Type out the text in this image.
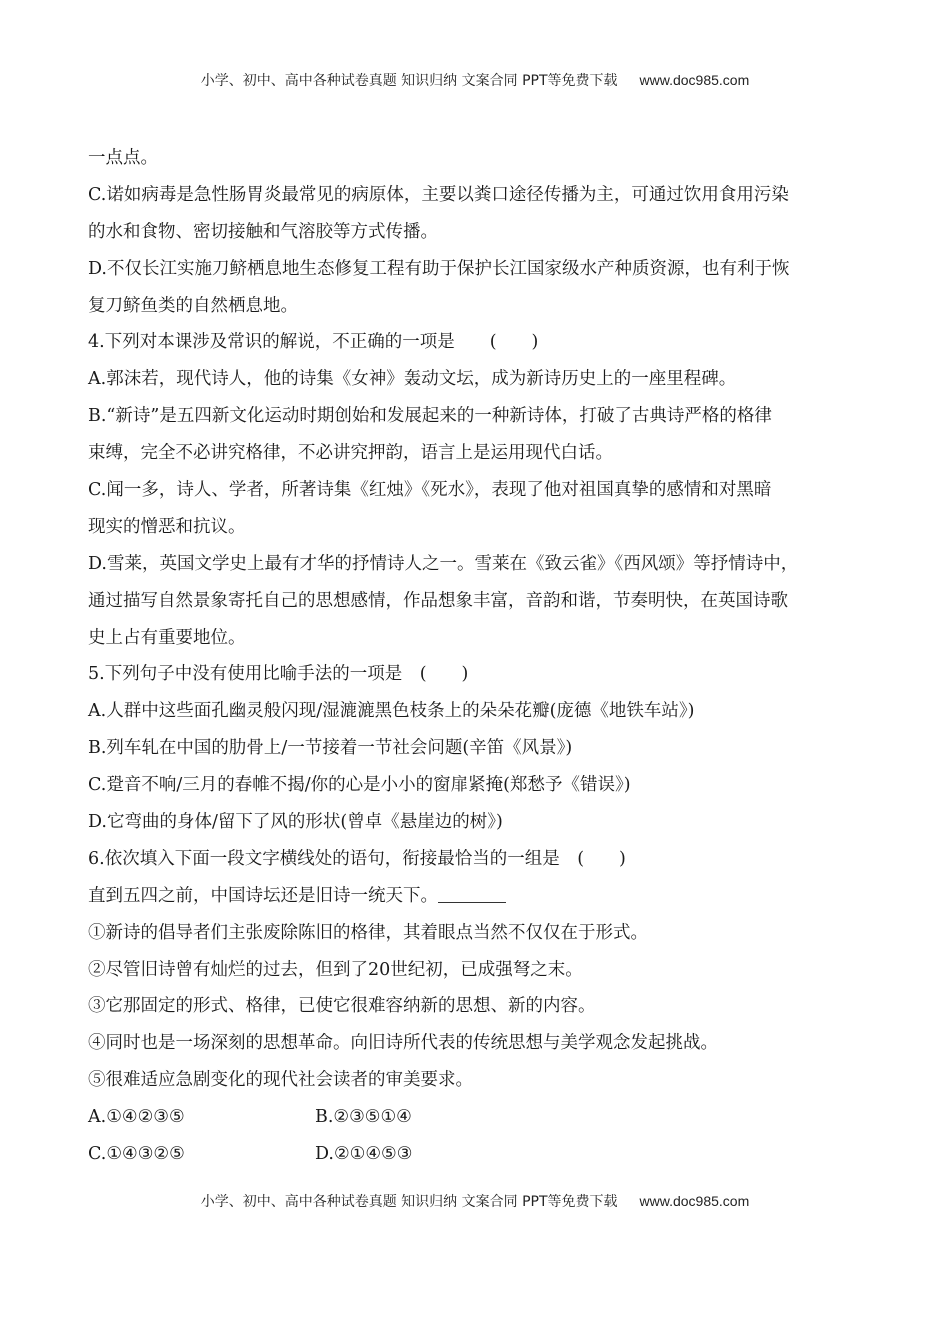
小学、初中、高中各种试卷真题 知识归纳 文案合同 PPT等免费下载 www.doc985.com
一点点。
C.诺如病毒是急性肠胃炎最常见的病原体，主要以粪口途径传播为主，可通过饮用食用污染
的水和食物、密切接触和气溶胶等方式传播。
D.不仅长江实施刀鲚栖息地生态修复工程有助于保护长江国家级水产种质资源，也有利于恢
复刀鲚鱼类的自然栖息地。
4.下列对本课涉及常识的解说，不正确的一项是　　(　　)
A.郭沫若，现代诗人，他的诗集《女神》轰动文坛，成为新诗历史上的一座里程碑。
B.“新诗”是五四新文化运动时期创始和发展起来的一种新诗体，打破了古典诗严格的格律
束缚，完全不必讲究格律，不必讲究押韵，语言上是运用现代白话。
C.闻一多，诗人、学者，所著诗集《红烛》《死水》，表现了他对祖国真挚的感情和对黑暗
现实的憎恶和抗议。
D.雪莱，英国文学史上最有才华的抒情诗人之一。雪莱在《致云雀》《西风颂》等抒情诗中，
通过描写自然景象寄托自己的思想感情，作品想象丰富，音韵和谐，节奏明快，在英国诗歌
史上占有重要地位。
5.下列句子中没有使用比喻手法的一项是　(　　)
A.人群中这些面孔幽灵般闪现/湿漉漉黑色枝条上的朵朵花瓣(庞德《地铁车站》)
B.列车轧在中国的肋骨上/一节接着一节社会问题(辛笛《风景》)
C.跫音不响/三月的春帷不揭/你的心是小小的窗扉紧掩(郑愁予《错误》)
D.它弯曲的身体/留下了风的形状(曾卓《悬崖边的树》)
6.依次填入下面一段文字横线处的语句，衔接最恰当的一组是　(　　)
直到五四之前，中国诗坛还是旧诗一统天下。
①新诗的倡导者们主张废除陈旧的格律，其着眼点当然不仅仅在于形式。
②尽管旧诗曾有灿烂的过去，但到了20世纪初，已成强弩之末。
③它那固定的形式、格律，已使它很难容纳新的思想、新的内容。
④同时也是一场深刻的思想革命。向旧诗所代表的传统思想与美学观念发起挑战。
⑤很难适应急剧变化的现代社会读者的审美要求。
A.①④②③⑤	B.②③⑤①④
C.①④③②⑤	D.②①④⑤③
小学、初中、高中各种试卷真题 知识归纳 文案合同 PPT等免费下载 www.doc985.com
